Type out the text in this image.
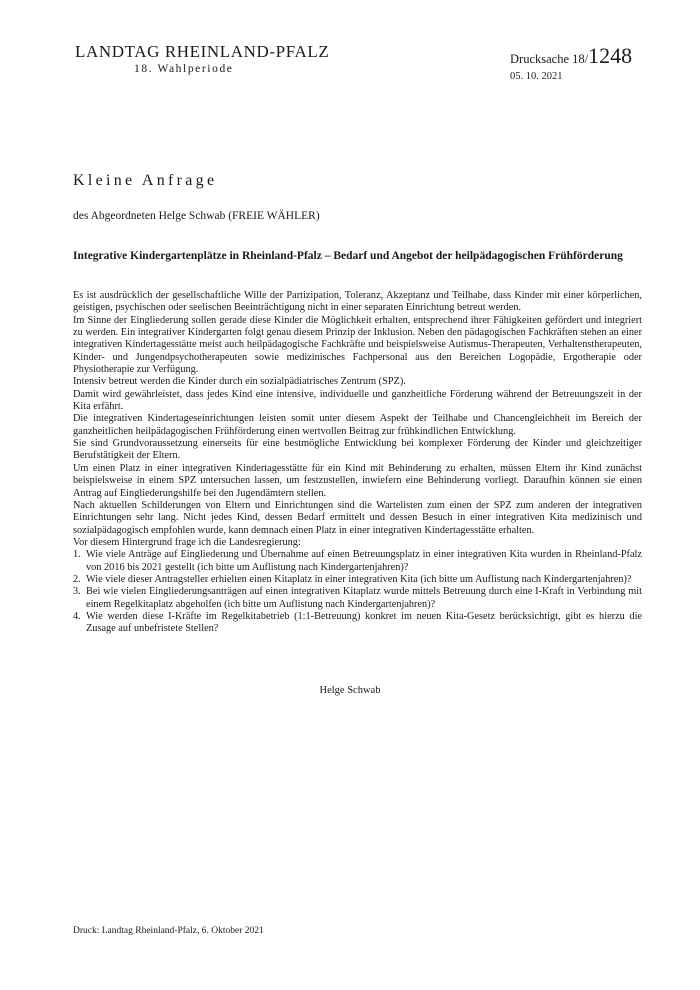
LANDTAG RHEINLAND-PFALZ
18. Wahlperiode
Drucksache 18/ 1248
05. 10. 2021
Kleine Anfrage
des Abgeordneten Helge Schwab (FREIE WÄHLER)
Integrative Kindergartenplätze in Rheinland-Pfalz – Bedarf und Angebot der heilpädagogischen Frühförderung

Es ist ausdrücklich der gesellschaftliche Wille der Partizipation, Toleranz, Akzeptanz und Teilhabe, dass Kinder mit einer körperlichen, geistigen, psychischen oder seelischen Beeinträchtigung nicht in einer separaten Einrichtung betreut werden.

Im Sinne der Eingliederung sollen gerade diese Kinder die Möglichkeit erhalten, entsprechend ihrer Fähigkeiten gefördert und integriert zu werden. Ein integrativer Kindergarten folgt genau diesem Prinzip der Inklusion. Neben den pädagogischen Fachkräften stehen an einer integrativen Kindertagesstätte meist auch heilpädagogische Fachkräfte und beispielsweise Autismus-Therapeuten, Verhaltenstherapeuten, Kinder- und Jungendpsychotherapeuten sowie medizinisches Fachpersonal aus den Bereichen Logopädie, Ergotherapie oder Physiotherapie zur Verfügung.

Intensiv betreut werden die Kinder durch ein sozialpädiatrisches Zentrum (SPZ).

Damit wird gewährleistet, dass jedes Kind eine intensive, individuelle und ganzheitliche Förderung während der Betreuungszeit in der Kita erfährt.

Die integrativen Kindertageseinrichtungen leisten somit unter diesem Aspekt der Teilhabe und Chancengleichheit im Bereich der ganzheitlichen heilpädagogischen Frühförderung einen wertvollen Beitrag zur frühkindlichen Entwicklung.

Sie sind Grundvoraussetzung einerseits für eine bestmögliche Entwicklung bei komplexer Förderung der Kinder und gleichzeitiger Berufstätigkeit der Eltern.

Um einen Platz in einer integrativen Kindertagesstätte für ein Kind mit Behinderung zu erhalten, müssen Eltern ihr Kind zunächst beispielsweise in einem SPZ untersuchen lassen, um festzustellen, inwiefern eine Behinderung vorliegt. Daraufhin können sie einen Antrag auf Eingliederungshilfe bei den Jugendämtern stellen.

Nach aktuellen Schilderungen von Eltern und Einrichtungen sind die Wartelisten zum einen der SPZ zum anderen der integrativen Einrichtungen sehr lang. Nicht jedes Kind, dessen Bedarf ermittelt und dessen Besuch in einer integrativen Kita medizinisch und sozialpädagogisch empfohlen wurde, kann demnach einen Platz in einer integrativen Kindertagesstätte erhalten.

Vor diesem Hintergrund frage ich die Landesregierung:

1. Wie viele Anträge auf Eingliederung und Übernahme auf einen Betreuungsplatz in einer integrativen Kita wurden in Rheinland-Pfalz von 2016 bis 2021 gestellt (ich bitte um Auflistung nach Kindergartenjahren)?
2. Wie viele dieser Antragsteller erhielten einen Kitaplatz in einer integrativen Kita (ich bitte um Auflistung nach Kindergartenjahren)?
3. Bei wie vielen Eingliederungsanträgen auf einen integrativen Kitaplatz wurde mittels Betreuung durch eine I-Kraft in Verbindung mit einem Regelkitaplatz abgeholfen (ich bitte um Auflistung nach Kindergartenjahren)?
4. Wie werden diese I-Kräfte im Regelkitabetrieb (1:1-Betreuung) konkret im neuen Kita-Gesetz berücksichtigt, gibt es hierzu die Zusage auf unbefristete Stellen?
Helge Schwab
Druck: Landtag Rheinland-Pfalz, 6. Oktober 2021
